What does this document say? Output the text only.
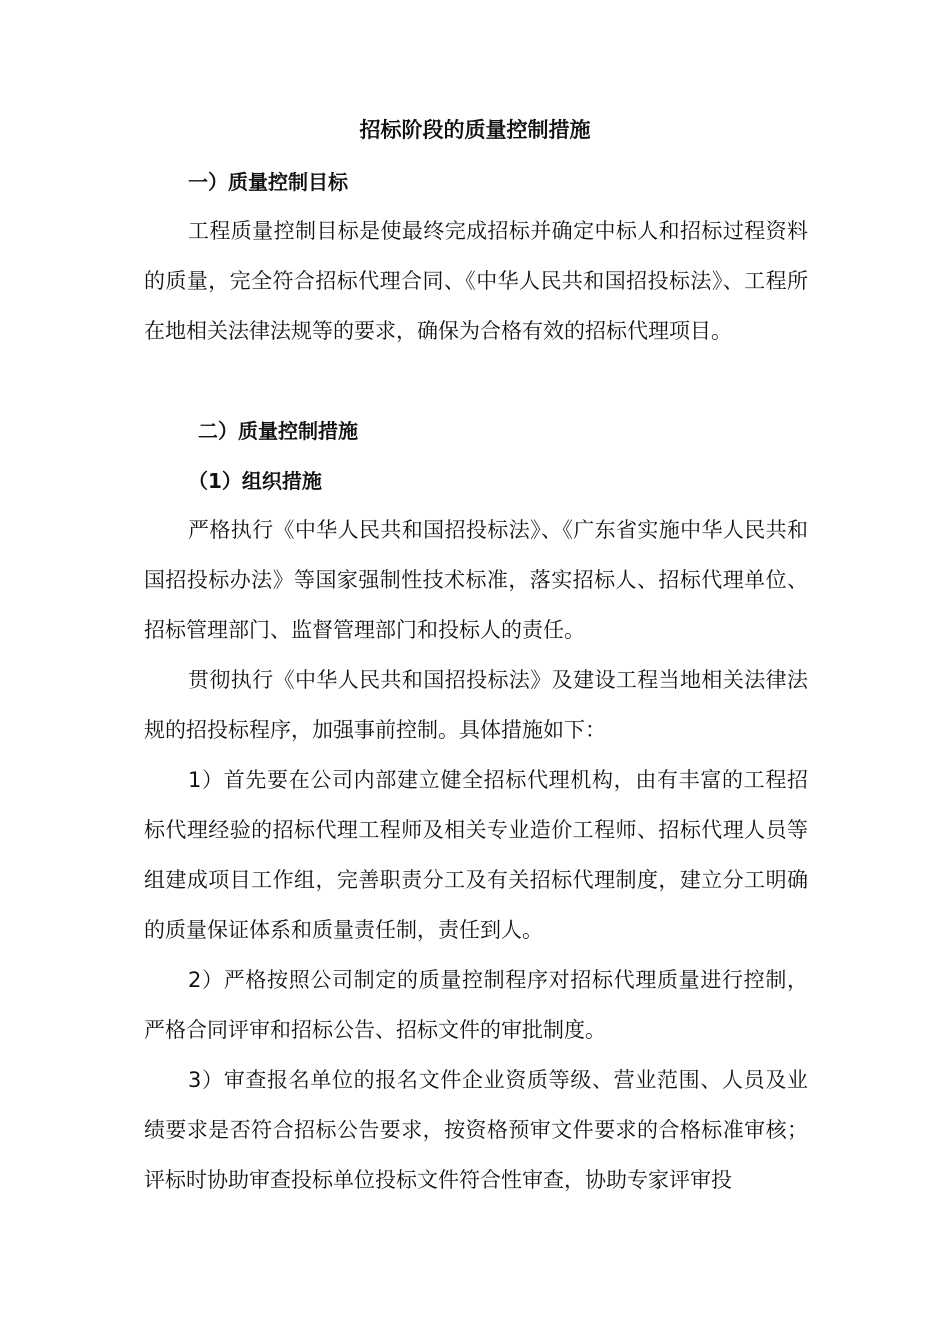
招标阶段的质量控制措施
一）质量控制目标

工程质量控制目标是使最终完成招标并确定中标人和招标过程资料的质量，完全符合招标代理合同、《中华人民共和国招投标法》、工程所在地相关法律法规等的要求，确保为合格有效的招标代理项目。

二）质量控制措施
（1）组织措施

严格执行《中华人民共和国招投标法》、《广东省实施中华人民共和国招投标办法》等国家强制性技术标准，落实招标人、招标代理单位、招标管理部门、监督管理部门和投标人的责任。

贯彻执行《中华人民共和国招投标法》及建设工程当地相关法律法规的招投标程序，加强事前控制。具体措施如下：

1）首先要在公司内部建立健全招标代理机构，由有丰富的工程招标代理经验的招标代理工程师及相关专业造价工程师、招标代理人员等组建成项目工作组，完善职责分工及有关招标代理制度，建立分工明确的质量保证体系和质量责任制，责任到人。

2）严格按照公司制定的质量控制程序对招标代理质量进行控制，严格合同评审和招标公告、招标文件的审批制度。

3）审查报名单位的报名文件企业资质等级、营业范围、人员及业绩要求是否符合招标公告要求，按资格预审文件要求的合格标准审核；评标时协助审查投标单位投标文件符合性审查，协助专家评审投
